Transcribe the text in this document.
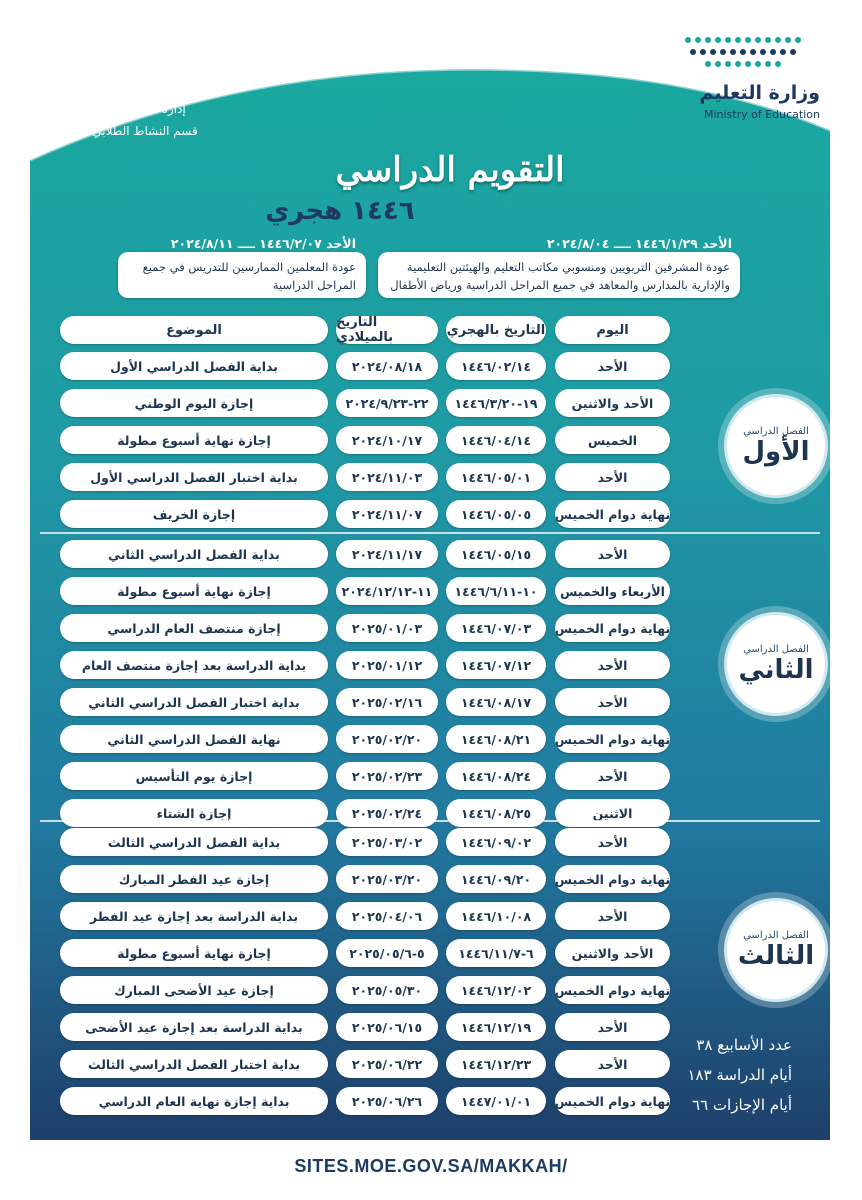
وزارة التعليم
Ministry of Education
الإدارة العامة للتعليم بمنطقة
مكة المكرمة
الشؤون التعليمية
إدارة أداء التعليم
قسم النشاط الطلابي
التقويم الدراسي
١٤٤٦ هجري
الأحد ١٤٤٦/١/٢٩ ــــ ٢٠٢٤/٨/٠٤
عودة المشرفين التربويين ومنسوبي مكاتب التعليم والهيئتين التعليمية والإدارية بالمدارس والمعاهد في جميع المراحل الدراسية ورياض الأطفال
الأحد ١٤٤٦/٢/٠٧ ــــ ٢٠٢٤/٨/١١
عودة المعلمين الممارسين للتدريس في جميع المراحل الدراسية
اليوم
التاريخ بالهجري
التاريخ بالميلادي
الموضوع
الأحد
١٤٤٦/٠٢/١٤
٢٠٢٤/٠٨/١٨
بداية الفصل الدراسي الأول
الأحد والاثنين
١٩-١٤٤٦/٣/٢٠
٢٢-٢٠٢٤/٩/٢٣
إجازة اليوم الوطني
الخميس
١٤٤٦/٠٤/١٤
٢٠٢٤/١٠/١٧
إجازة نهاية أسبوع مطولة
الأحد
١٤٤٦/٠٥/٠١
٢٠٢٤/١١/٠٣
بداية اختبار الفصل الدراسي الأول
نهاية دوام الخميس
١٤٤٦/٠٥/٠٥
٢٠٢٤/١١/٠٧
إجازة الخريف
الفصل الدراسي
الأول
الأحد
١٤٤٦/٠٥/١٥
٢٠٢٤/١١/١٧
بداية الفصل الدراسي الثاني
الأربعاء والخميس
١٠-١٤٤٦/٦/١١
١١-٢٠٢٤/١٢/١٢
إجازة نهاية أسبوع مطولة
نهاية دوام الخميس
١٤٤٦/٠٧/٠٣
٢٠٢٥/٠١/٠٣
إجازة منتصف العام الدراسي
الأحد
١٤٤٦/٠٧/١٢
٢٠٢٥/٠١/١٢
بداية الدراسة بعد إجازة منتصف العام
الأحد
١٤٤٦/٠٨/١٧
٢٠٢٥/٠٢/١٦
بداية اختبار الفصل الدراسي الثاني
نهاية دوام الخميس
١٤٤٦/٠٨/٢١
٢٠٢٥/٠٢/٢٠
نهاية الفصل الدراسي الثاني
الأحد
١٤٤٦/٠٨/٢٤
٢٠٢٥/٠٢/٢٣
إجازة يوم التأسيس
الاثنين
١٤٤٦/٠٨/٢٥
٢٠٢٥/٠٢/٢٤
إجازة الشتاء
الفصل الدراسي
الثاني
الأحد
١٤٤٦/٠٩/٠٢
٢٠٢٥/٠٣/٠٢
بداية الفصل الدراسي الثالث
نهاية دوام الخميس
١٤٤٦/٠٩/٢٠
٢٠٢٥/٠٣/٢٠
إجازة عيد الفطر المبارك
الأحد
١٤٤٦/١٠/٠٨
٢٠٢٥/٠٤/٠٦
بداية الدراسة بعد إجازة عيد الفطر
الأحد والاثنين
٦-١٤٤٦/١١/٧
٥-٢٠٢٥/٠٥/٦
إجازة نهاية أسبوع مطولة
نهاية دوام الخميس
١٤٤٦/١٢/٠٢
٢٠٢٥/٠٥/٣٠
إجازة عيد الأضحى المبارك
الأحد
١٤٤٦/١٢/١٩
٢٠٢٥/٠٦/١٥
بداية الدراسة بعد إجازة عيد الأضحى
الأحد
١٤٤٦/١٢/٢٣
٢٠٢٥/٠٦/٢٢
بداية اختبار الفصل الدراسي الثالث
نهاية دوام الخميس
١٤٤٧/٠١/٠١
٢٠٢٥/٠٦/٢٦
بداية إجازة نهاية العام الدراسي
الفصل الدراسي
الثالث
عدد الأسابيع ٣٨
أيام الدراسة ١٨٣
أيام الإجازات ٦٦
SITES.MOE.GOV.SA/MAKKAH/
